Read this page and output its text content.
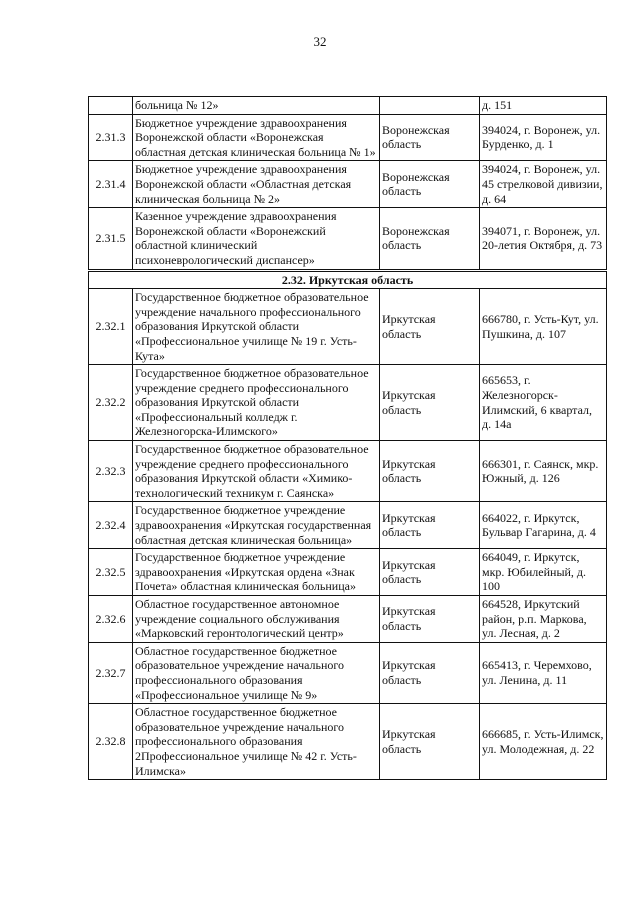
32
	больница № 12»		д. 151
2.31.3	Бюджетное учреждение здравоохранения Воронежской области «Воронежская областная детская клиническая больница № 1»	Воронежская область	394024, г. Воронеж, ул. Бурденко, д. 1
2.31.4	Бюджетное учреждение здравоохранения Воронежской области «Областная детская клиническая больница № 2»	Воронежская область	394024, г. Воронеж, ул. 45 стрелковой дивизии, д. 64
2.31.5	Казенное учреждение здравоохранения Воронежской области «Воронежский областной клинический психоневрологический диспансер»	Воронежская область	394071, г. Воронеж, ул. 20-летия Октября, д. 73
2.32. Иркутская область			
2.32.1	Государственное бюджетное образовательное учреждение начального профессионального образования Иркутской области «Профессиональное училище № 19 г. Усть-Кута»	Иркутская область	666780, г. Усть-Кут, ул. Пушкина, д. 107
2.32.2	Государственное бюджетное образовательное учреждение среднего профессионального образования Иркутской области «Профессиональный колледж г. Железногорска-Илимского»	Иркутская область	665653, г. Железногорск-Илимский, 6 квартал, д. 14а
2.32.3	Государственное бюджетное образовательное учреждение среднего профессионального образования Иркутской области «Химико-технологический техникум г. Саянска»	Иркутская область	666301, г. Саянск, мкр. Южный, д. 126
2.32.4	Государственное бюджетное учреждение здравоохранения «Иркутская государственная областная детская клиническая больница»	Иркутская область	664022, г. Иркутск, Бульвар Гагарина, д. 4
2.32.5	Государственное бюджетное учреждение здравоохранения «Иркутская ордена «Знак Почета» областная клиническая больница»	Иркутская область	664049, г. Иркутск, мкр. Юбилейный, д. 100
2.32.6	Областное государственное автономное учреждение социального обслуживания «Марковский геронтологический центр»	Иркутская область	664528, Иркутский район, р.п. Маркова, ул. Лесная, д. 2
2.32.7	Областное государственное бюджетное образовательное учреждение начального профессионального образования «Профессиональное училище № 9»	Иркутская область	665413, г. Черемхово, ул. Ленина, д. 11
2.32.8	Областное государственное бюджетное образовательное учреждение начального профессионального образования 2Профессиональное училище № 42 г. Усть-Илимска»	Иркутская область	666685, г. Усть-Илимск, ул. Молодежная, д. 22
